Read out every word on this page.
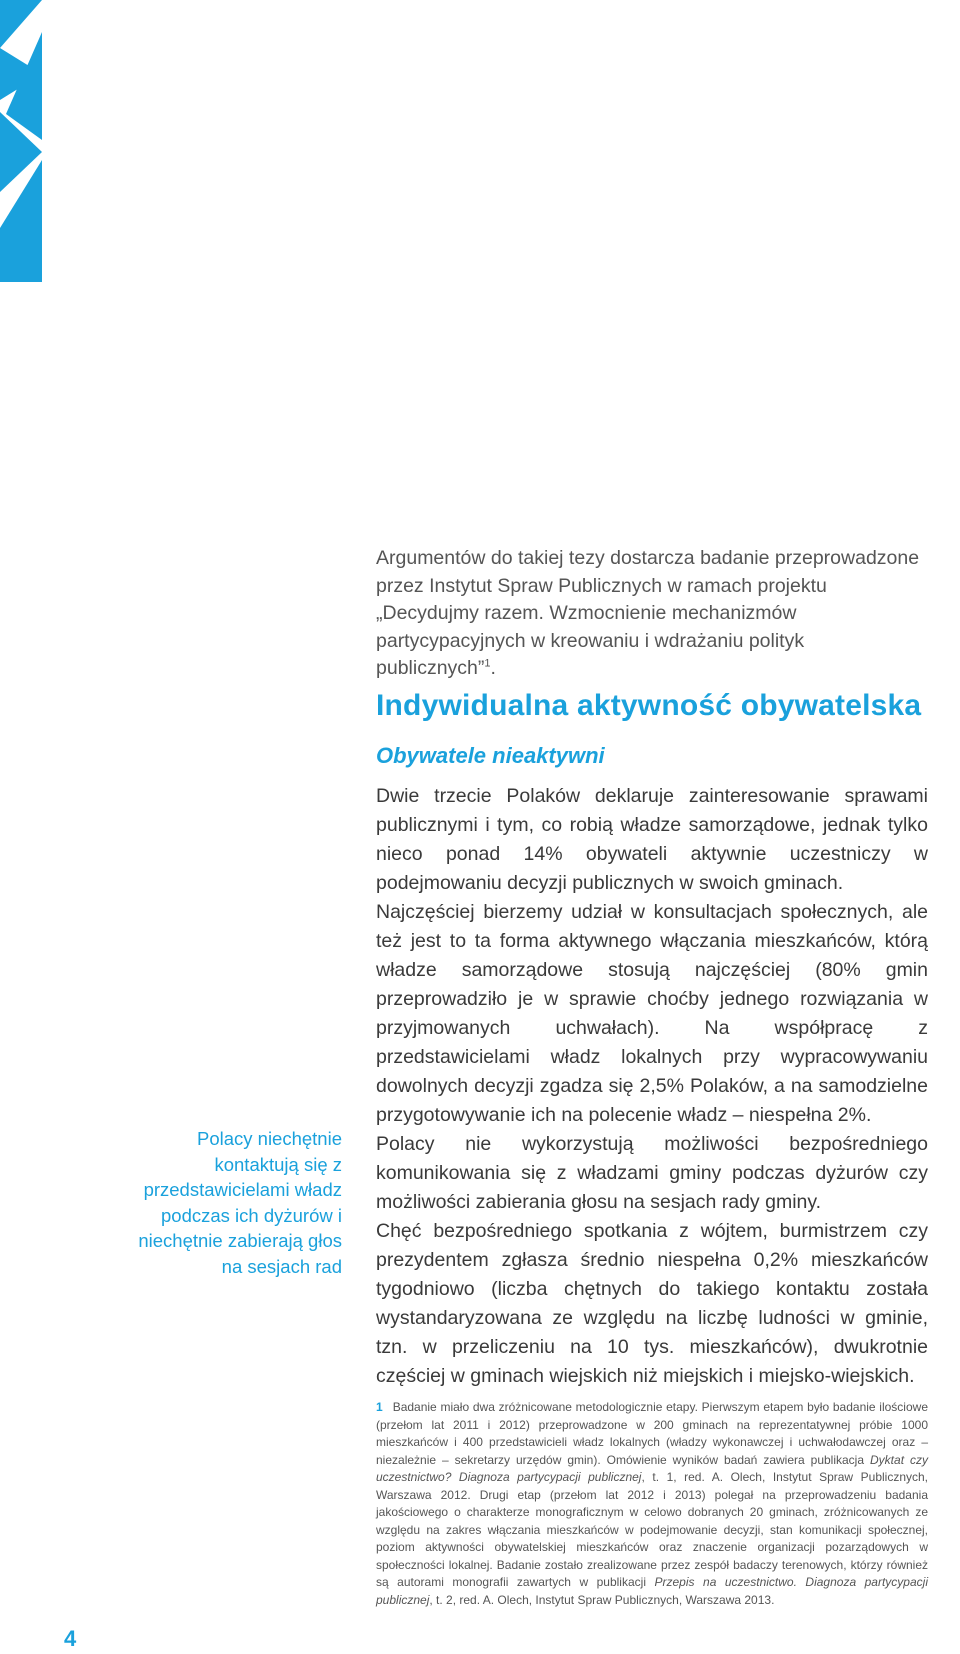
Argumentów do takiej tezy dostarcza badanie przeprowadzone przez Instytut Spraw Publicznych w ramach projektu „Decydujmy razem. Wzmocnienie mechanizmów partycypacyjnych w kreowaniu i wdrażaniu polityk publicznych”$^1$.

Indywidualna aktywność obywatelska
Obywatele nieaktywni

Dwie trzecie Polaków deklaruje zainteresowanie sprawami publicznymi i tym, co robią władze samorządowe, jednak tylko nieco ponad 14% obywateli aktywnie uczestniczy w podejmowaniu decyzji publicznych w swoich gminach.

Najczęściej bierzemy udział w konsultacjach społecznych, ale też jest to ta forma aktywnego włączania mieszkańców, którą władze samorządowe stosują najczęściej (80% gmin przeprowadziło je w sprawie choćby jednego rozwiązania w przyjmowanych uchwałach). Na współpracę z przedstawicielami władz lokalnych przy wypracowywaniu dowolnych decyzji zgadza się 2,5% Polaków, a na samodzielne przygotowywanie ich na polecenie władz – niespełna 2%.

Polacy nie wykorzystują możliwości bezpośredniego komunikowania się z władzami gminy podczas dyżurów czy możliwości zabierania głosu na sesjach rady gminy.

Chęć bezpośredniego spotkania z wójtem, burmistrzem czy prezydentem zgłasza średnio niespełna 0,2% mieszkańców tygodniowo (liczba chętnych do takiego kontaktu została wystandaryzowana ze względu na liczbę ludności w gminie, tzn. w przeliczeniu na 10 tys. mieszkańców), dwukrotnie częściej w gminach wiejskich niż miejskich i miejsko-wiejskich.

Polacy niechętnie kontaktują się z przedstawicielami władz podczas ich dyżurów i niechętnie zabierają głos na sesjach rad

1 Badanie miało dwa zróżnicowane metodologicznie etapy. Pierwszym etapem było badanie ilościowe (przełom lat 2011 i 2012) przeprowadzone w 200 gminach na reprezentatywnej próbie 1000 mieszkańców i 400 przedstawicieli władz lokalnych (władzy wykonawczej i uchwałodawczej oraz – niezależnie – sekretarzy urzędów gmin). Omówienie wyników badań zawiera publikacja Dyktat czy uczestnictwo? Diagnoza partycypacji publicznej, t. 1, red. A. Olech, Instytut Spraw Publicznych, Warszawa 2012. Drugi etap (przełom lat 2012 i 2013) polegał na przeprowadzeniu badania jakościowego o charakterze monograficznym w celowo dobranych 20 gminach, zróżnicowanych ze względu na zakres włączania mieszkańców w podejmowanie decyzji, stan komunikacji społecznej, poziom aktywności obywatelskiej mieszkańców oraz znaczenie organizacji pozarządowych w społeczności lokalnej. Badanie zostało zrealizowane przez zespół badaczy terenowych, którzy również są autorami monografii zawartych w publikacji Przepis na uczestnictwo. Diagnoza partycypacji publicznej, t. 2, red. A. Olech, Instytut Spraw Publicznych, Warszawa 2013.

4
